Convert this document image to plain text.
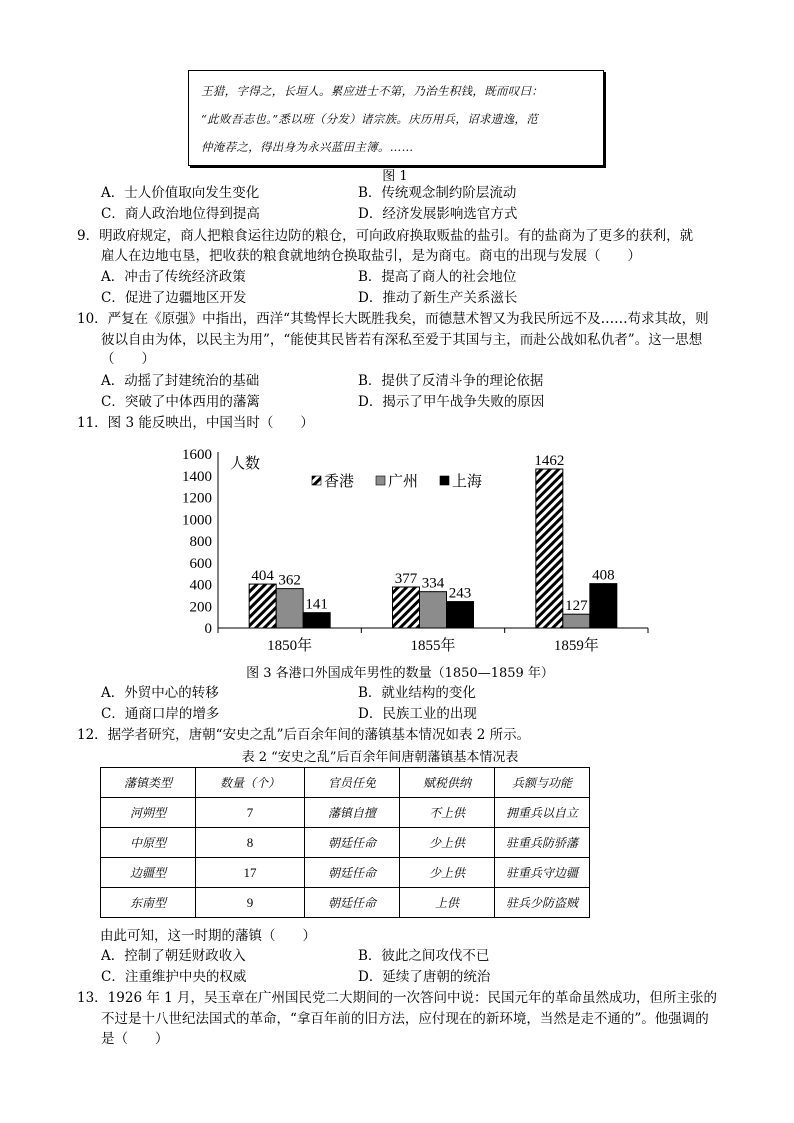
王猎，字得之，长垣人。累应进士不第，乃治生积钱，既而叹曰：
“此败吾志也。”悉以班（分发）诸宗族。庆历用兵，诏求遗逸，范
仲淹荐之，得出身为永兴蓝田主簿。……
图 1
A．士人价值取向发生变化	B．传统观念制约阶层流动
C．商人政治地位得到提高	D．经济发展影响选官方式
9．明政府规定，商人把粮食运往边防的粮仓，可向政府换取贩盐的盐引。有的盐商为了更多的获利，就
雇人在边地屯垦，把收获的粮食就地纳仓换取盐引，是为商屯。商屯的出现与发展（　　）
A．冲击了传统经济政策	B．提高了商人的社会地位
C．促进了边疆地区开发	D．推动了新生产关系滋长
10．严复在《原强》中指出，西洋“其鸷悍长大既胜我矣，而德慧术智又为我民所远不及……苟求其故，则
彼以自由为体，以民主为用”，“能使其民皆若有深私至爱于其国与主，而赴公战如私仇者”。这一思想
（　　）
A．动摇了封建统治的基础	B．提供了反清斗争的理论依据
C．突破了中体西用的藩篱	D．揭示了甲午战争失败的原因
11．图 3 能反映出，中国当时（　　）
0
200
400
600
800
1000
1200
1400
1600
人数
1850年	1855年	1859年
404	377
1462
362	334
127
141
243
408
香港 广州 上海
图 3 各港口外国成年男性的数量（1850—1859 年）
A．外贸中心的转移	B．就业结构的变化
C．通商口岸的增多	D．民族工业的出现
12．据学者研究，唐朝“安史之乱”后百余年间的藩镇基本情况如表 2 所示。
表 2 “安史之乱”后百余年间唐朝藩镇基本情况表
藩镇类型	数量（个）	官员任免	赋税供纳	兵额与功能
河朔型	7	藩镇自擅	不上供	拥重兵以自立
中原型	8	朝廷任命	少上供	驻重兵防骄藩
边疆型	17	朝廷任命	少上供	驻重兵守边疆
东南型	9	朝廷任命	上供	驻兵少防盗贼
由此可知，这一时期的藩镇（　　）
A．控制了朝廷财政收入	B．彼此之间攻伐不已
C．注重维护中央的权威	D．延续了唐朝的统治
13．1926 年 1 月，吴玉章在广州国民党二大期间的一次答问中说：民国元年的革命虽然成功，但所主张的
不过是十八世纪法国式的革命，“拿百年前的旧方法，应付现在的新环境，当然是走不通的”。他强调的
是（　　）
